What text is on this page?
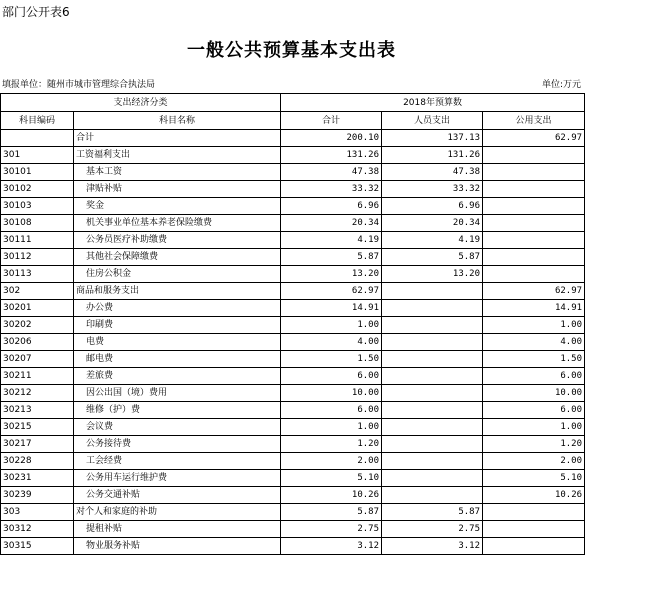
部门公开表6
一般公共预算基本支出表
填报单位：随州市城市管理综合执法局	单位:万元
支出经济分类		2018年预算数		
科目编码	科目名称	合计	人员支出	公用支出
	合计	200.10	137.13	62.97
301	工资福利支出	131.26	131.26	
30101	基本工资	47.38	47.38	
30102	津贴补贴	33.32	33.32	
30103	奖金	6.96	6.96	
30108	机关事业单位基本养老保险缴费	20.34	20.34	
30111	公务员医疗补助缴费	4.19	4.19	
30112	其他社会保障缴费	5.87	5.87	
30113	住房公积金	13.20	13.20	
302	商品和服务支出	62.97		62.97
30201	办公费	14.91		14.91
30202	印刷费	1.00		1.00
30206	电费	4.00		4.00
30207	邮电费	1.50		1.50
30211	差旅费	6.00		6.00
30212	因公出国（境）费用	10.00		10.00
30213	维修（护）费	6.00		6.00
30215	会议费	1.00		1.00
30217	公务接待费	1.20		1.20
30228	工会经费	2.00		2.00
30231	公务用车运行维护费	5.10		5.10
30239	公务交通补贴	10.26		10.26
303	对个人和家庭的补助	5.87	5.87	
30312	提租补贴	2.75	2.75	
30315	物业服务补贴	3.12	3.12	
